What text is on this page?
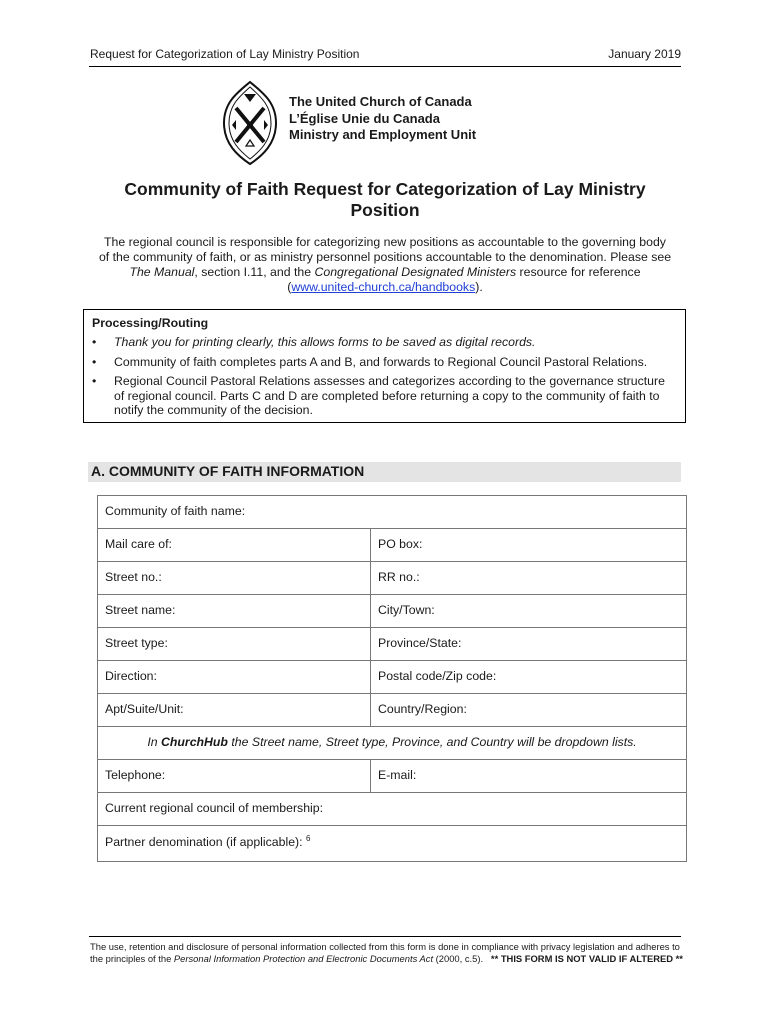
Request for Categorization of Lay Ministry Position	January 2019
The United Church of Canada
L’Église Unie du Canada
Ministry and Employment Unit
Community of Faith Request for Categorization of Lay Ministry
Position
The regional council is responsible for categorizing new positions as accountable to the governing body
of the community of faith, or as ministry personnel positions accountable to the denomination. Please see
The Manual, section I.11, and the Congregational Designated Ministers resource for reference
(www.united-church.ca/handbooks).
Processing/Routing
• Thank you for printing clearly, this allows forms to be saved as digital records.
• Community of faith completes parts A and B, and forwards to Regional Council Pastoral Relations.
• Regional Council Pastoral Relations assesses and categorizes according to the governance structure of regional council. Parts C and D are completed before returning a copy to the community of faith to notify the community of the decision.
A. COMMUNITY OF FAITH INFORMATION
Community of faith name:
Mail care of:	PO box:
Street no.:	RR no.:
Street name:	City/Town:
Street type:	Province/State:
Direction:	Postal code/Zip code:
Apt/Suite/Unit:	Country/Region:
In ChurchHub the Street name, Street type, Province, and Country will be dropdown lists.
Telephone:	E-mail:
Current regional council of membership:
Partner denomination (if applicable): $^6$
The use, retention and disclosure of personal information collected from this form is done in compliance with privacy legislation and adheres to the principles of the Personal Information Protection and Electronic Documents Act (2000, c.5). ** THIS FORM IS NOT VALID IF ALTERED **
